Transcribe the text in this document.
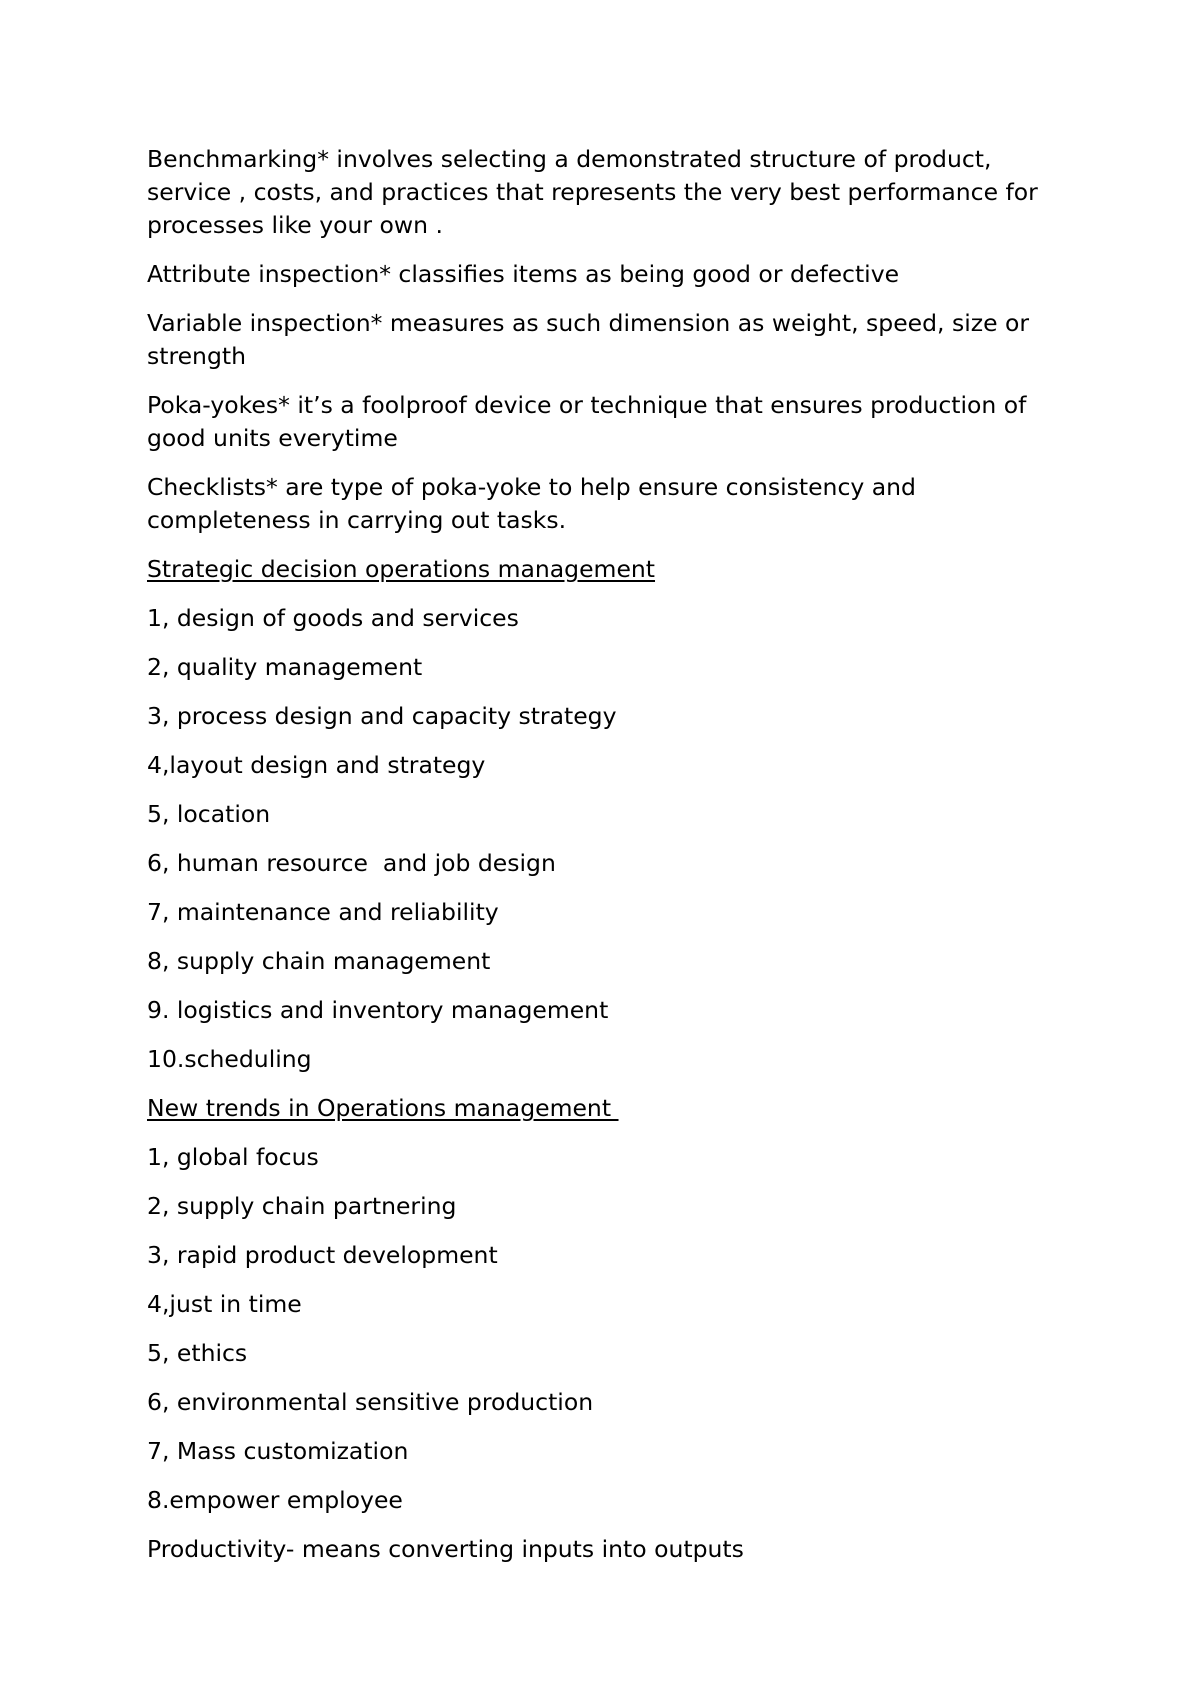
Benchmarking* involves selecting a demonstrated structure of product, service , costs, and practices that represents the very best performance for processes like your own .

Attribute inspection* classifies items as being good or defective

Variable inspection* measures as such dimension as weight, speed, size or strength

Poka-yokes* it’s a foolproof device or technique that ensures production of good units everytime

Checklists* are type of poka-yoke to help ensure consistency and completeness in carrying out tasks.

Strategic decision operations management

1, design of goods and services
2, quality management
3, process design and capacity strategy
4,layout design and strategy
5, location
6, human resource  and job design
7, maintenance and reliability
8, supply chain management
9. logistics and inventory management
10.scheduling

New trends in Operations management

1, global focus
2, supply chain partnering
3, rapid product development
4,just in time
5, ethics
6, environmental sensitive production
7, Mass customization
8.empower employee

Productivity- means converting inputs into outputs
